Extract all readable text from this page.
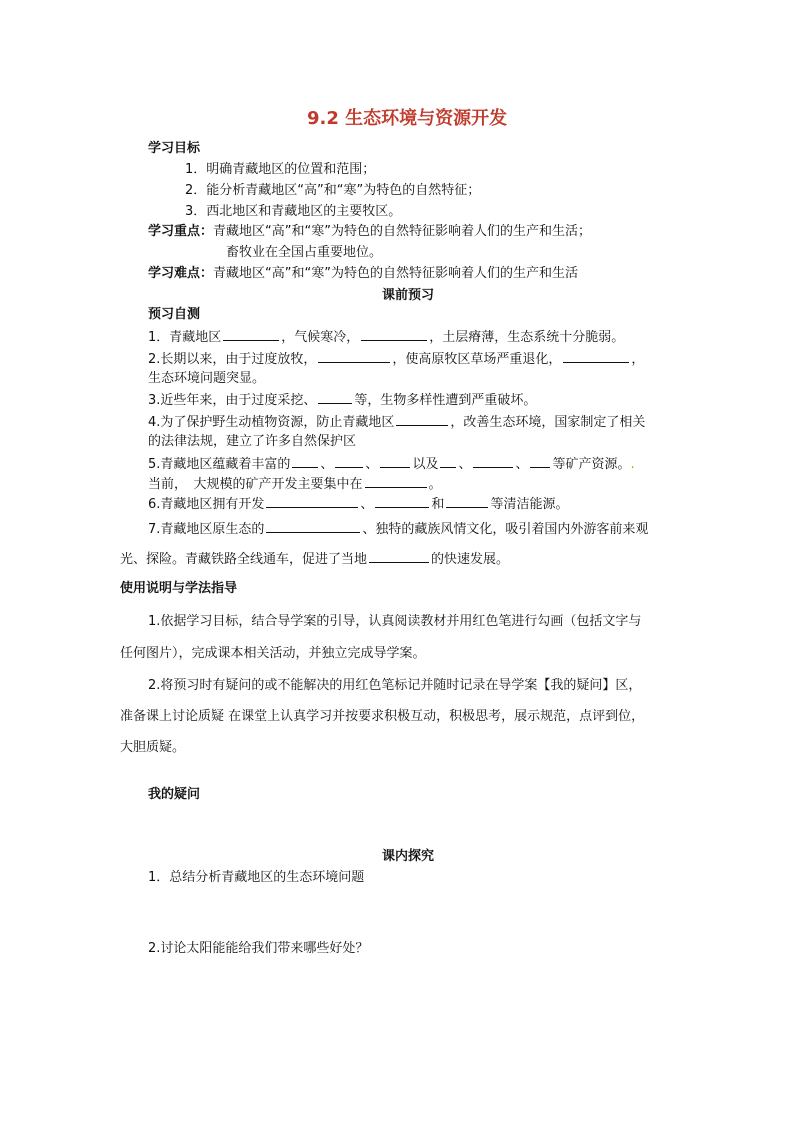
9.2 生态环境与资源开发
学习目标
1．明确青藏地区的位置和范围；
2．能分析青藏地区“高”和“寒”为特色的自然特征；
3．西北地区和青藏地区的主要牧区。
学习重点：青藏地区“高”和“寒”为特色的自然特征影响着人们的生产和生活；
畜牧业在全国占重要地位。
学习难点：青藏地区“高”和“寒”为特色的自然特征影响着人们的生产和生活
课前预习
预习自测
1．青藏地区	，气候寒冷，	，土层瘠薄，生态系统十分脆弱。
2.长期以来，由于过度放牧，	，使高原牧区草场严重退化，	，
生态环境问题突显。
3.近些年来，由于过度采挖、	等，生物多样性遭到严重破坏。
4.为了保护野生动植物资源，防止青藏地区	，改善生态环境，国家制定了相关
的法律法规，建立了许多自然保护区
5.青藏地区蕴藏着丰富的 、 、	以及 、	、 等矿产资源。.
当前，　大规模的矿产开发主要集中在	。
6.青藏地区拥有开发	、	和	等清洁能源。
7.青藏地区原生态的	、独特的藏族风情文化，吸引着国内外游客前来观
光、探险。青藏铁路全线通车，促进了当地	的快速发展。
使用说明与学法指导
1.依据学习目标，结合导学案的引导，认真阅读教材并用红色笔进行勾画（包括文字与
任何图片），完成课本相关活动，并独立完成导学案。
2.将预习时有疑问的或不能解决的用红色笔标记并随时记录在导学案【我的疑问】区，
准备课上讨论质疑 在课堂上认真学习并按要求积极互动，积极思考，展示规范，点评到位，
大胆质疑。
我的疑问
课内探究
1．总结分析青藏地区的生态环境问题
2.讨论太阳能能给我们带来哪些好处？
